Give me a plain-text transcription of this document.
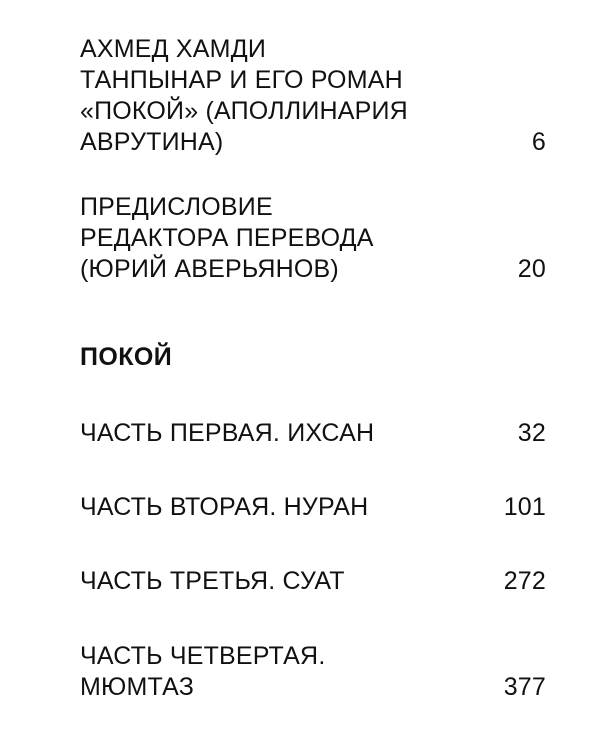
АХМЕД ХАМДИ
ТАНПЫНАР И ЕГО РОМАН
«ПОКОЙ» (АПОЛЛИНАРИЯ
АВРУТИНА)	6
ПРЕДИСЛОВИЕ
РЕДАКТОРА ПЕРЕВОДА
(ЮРИЙ АВЕРЬЯНОВ)	20
ПОКОЙ
ЧАСТЬ ПЕРВАЯ. ИХСАН	32
ЧАСТЬ ВТОРАЯ. НУРАН	101
ЧАСТЬ ТРЕТЬЯ. СУАТ	272
ЧАСТЬ ЧЕТВЕРТАЯ.
МЮМТАЗ	377
